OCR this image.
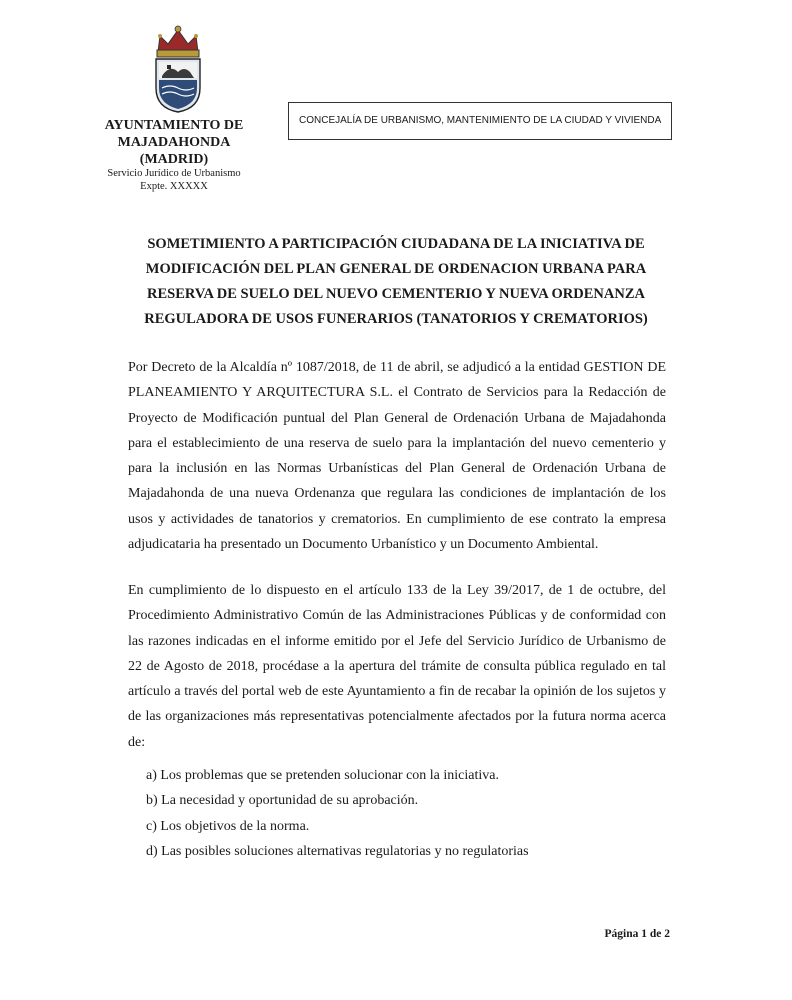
AYUNTAMIENTO DE MAJADAHONDA
(MADRID)
Servicio Jurídico de Urbanismo
Expte. XXXXX
CONCEJALÍA DE URBANISMO, MANTENIMIENTO DE LA CIUDAD Y VIVIENDA
SOMETIMIENTO A PARTICIPACIÓN CIUDADANA DE LA INICIATIVA DE MODIFICACIÓN DEL PLAN GENERAL DE ORDENACION URBANA PARA RESERVA DE SUELO DEL NUEVO CEMENTERIO Y NUEVA ORDENANZA REGULADORA DE USOS FUNERARIOS (TANATORIOS Y CREMATORIOS)
Por Decreto de la Alcaldía nº 1087/2018, de 11 de abril, se adjudicó a la entidad GESTION DE PLANEAMIENTO Y ARQUITECTURA S.L. el Contrato de Servicios para la Redacción de Proyecto de Modificación puntual del Plan General de Ordenación Urbana de Majadahonda para el establecimiento de una reserva de suelo para la implantación del nuevo cementerio y para la inclusión en las Normas Urbanísticas del Plan General de Ordenación Urbana de Majadahonda de una nueva Ordenanza que regulara las condiciones de implantación de los usos y actividades de tanatorios y crematorios. En cumplimiento de ese contrato la empresa adjudicataria ha presentado un Documento Urbanístico y un Documento Ambiental.
En cumplimiento de lo dispuesto en el artículo 133 de la Ley 39/2017, de 1 de octubre, del Procedimiento Administrativo Común de las Administraciones Públicas y de conformidad con las razones indicadas en el informe emitido por el Jefe del Servicio Jurídico de Urbanismo de 22 de Agosto de 2018, procédase a la apertura del trámite de consulta pública regulado en tal artículo a través del portal web de este Ayuntamiento a fin de recabar la opinión de los sujetos y de las organizaciones más representativas potencialmente afectados por la futura norma acerca de:
a) Los problemas que se pretenden solucionar con la iniciativa.
b) La necesidad y oportunidad de su aprobación.
c) Los objetivos de la norma.
d) Las posibles soluciones alternativas regulatorias y no regulatorias
Página 1 de 2
